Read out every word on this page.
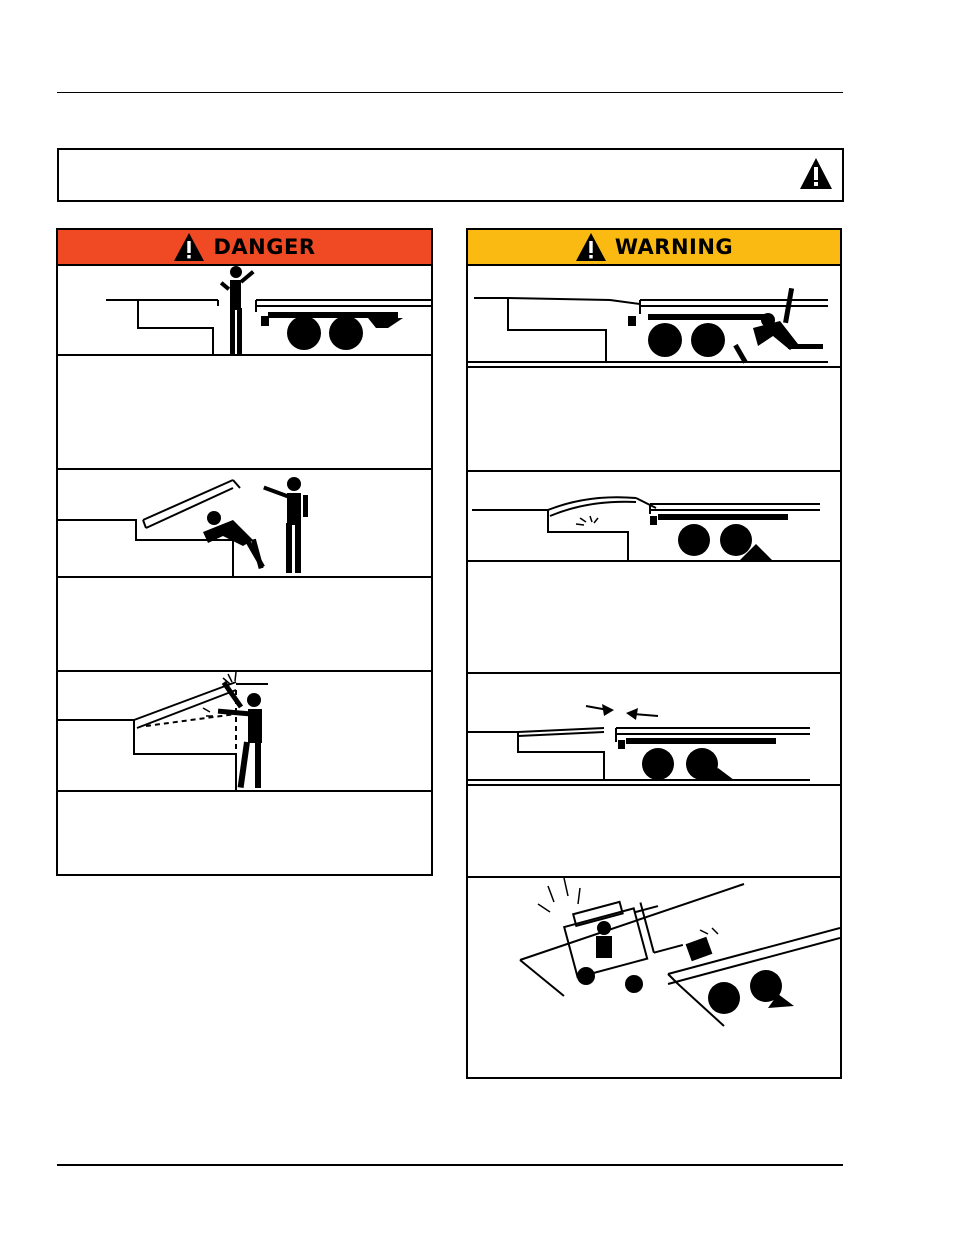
DANGER	WARNING
